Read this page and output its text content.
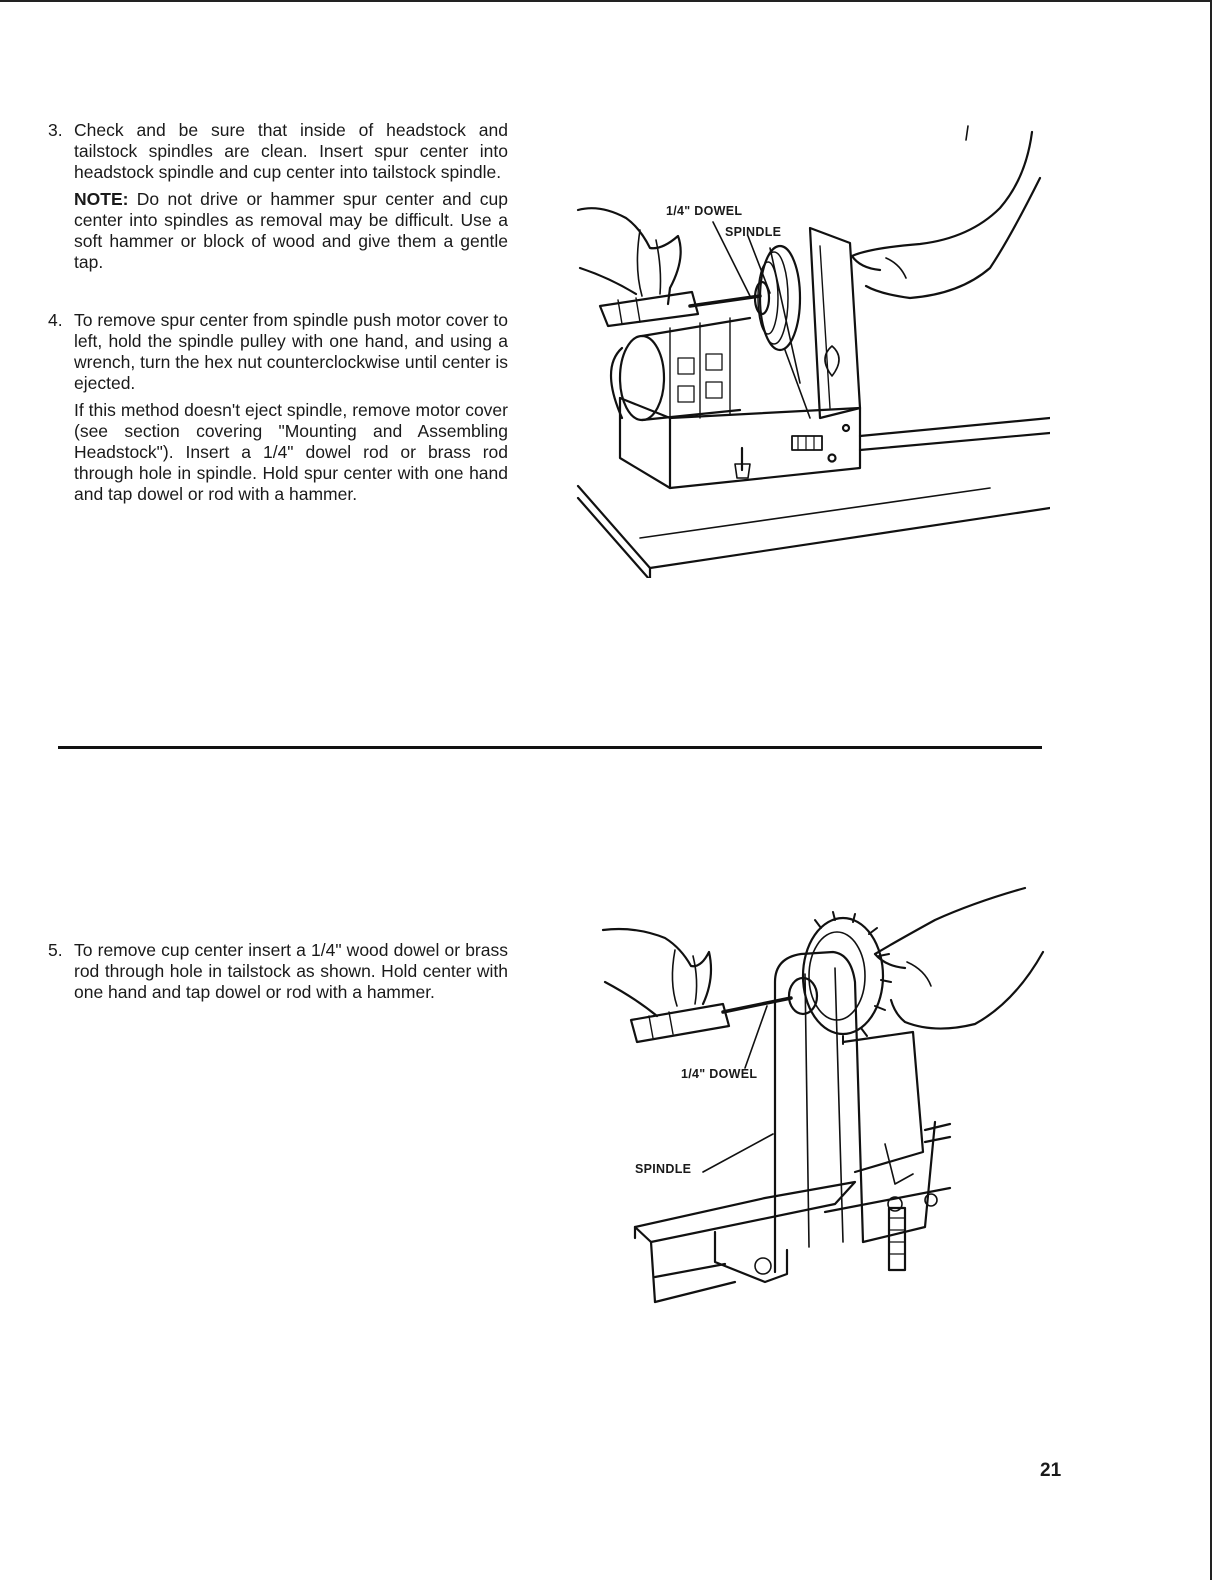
3. Check and be sure that inside of headstock and tailstock spindles are clean. Insert spur center into headstock spindle and cup center into tailstock spindle.

NOTE: Do not drive or hammer spur center and cup center into spindles as removal may be difficult. Use a soft hammer or block of wood and give them a gentle tap.

4. To remove spur center from spindle push motor cover to left, hold the spindle pulley with one hand, and using a wrench, turn the hex nut counterclockwise until center is ejected.

If this method doesn't eject spindle, remove motor cover (see section covering "Mounting and Assembling Headstock"). Insert a 1/4" dowel rod or brass rod through hole in spindle. Hold spur center with one hand and tap dowel or rod with a hammer.

1/4" DOWEL
SPINDLE
5. To remove cup center insert a 1/4" wood dowel or brass rod through hole in tailstock as shown. Hold center with one hand and tap dowel or rod with a hammer.

1/4" DOWEL
SPINDLE
21
